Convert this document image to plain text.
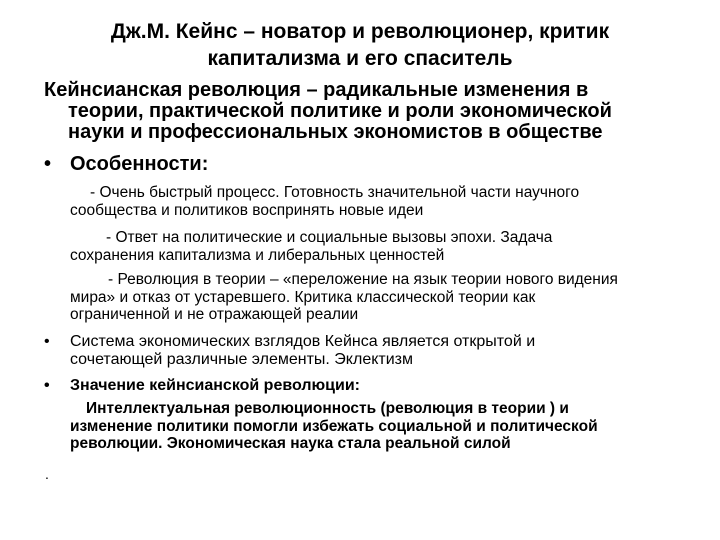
Дж.М. Кейнс – новатор и революционер, критик
капитализма и его спаситель
Кейнсианская революция – радикальные изменения в
теории, практической политике и роли экономической
науки и профессиональных экономистов в обществе
• Особенности:
- Очень быстрый процесс. Готовность значительной части научного
сообщества и политиков воспринять новые идеи
- Ответ на политические и социальные вызовы эпохи. Задача
сохранения капитализма и либеральных ценностей
- Революция в теории – «переложение на язык теории нового видения
мира» и отказ от устаревшего. Критика классической теории как
ограниченной и не отражающей реалии
• Система экономических взглядов Кейнса является открытой и
сочетающей различные элементы. Эклектизм
• Значение кейнсианской революции:
Интеллектуальная революционность (революция в теории ) и
изменение политики помогли избежать социальной и политической
революции. Экономическая наука стала реальной силой
.
